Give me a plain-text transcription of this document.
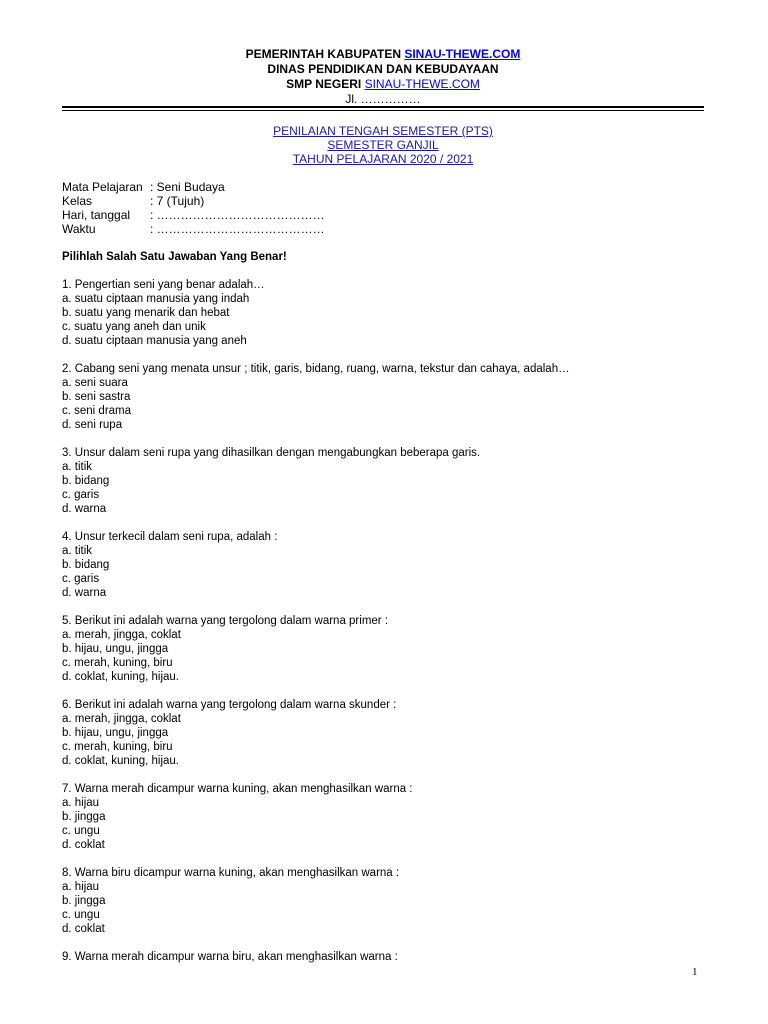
PEMERINTAH KABUPATEN SINAU-THEWE.COM
DINAS PENDIDIKAN DAN KEBUDAYAAN
SMP NEGERI SINAU-THEWE.COM
Jl. ……………
PENILAIAN TENGAH SEMESTER (PTS)
SEMESTER GANJIL
TAHUN PELAJARAN 2020 / 2021
Mata Pelajaran : Seni Budaya
Kelas	: 7 (Tujuh)
Hari, tanggal	: ……………………………………
Waktu	: ……………………………………
Pilihlah Salah Satu Jawaban Yang Benar!
1. Pengertian seni yang benar adalah…
a. suatu ciptaan manusia yang indah
b. suatu yang menarik dan hebat
c. suatu yang aneh dan unik
d. suatu ciptaan manusia yang aneh
2. Cabang seni yang menata unsur ; titik, garis, bidang, ruang, warna, tekstur dan cahaya, adalah…
a. seni suara
b. seni sastra
c. seni drama
d. seni rupa
3. Unsur dalam seni rupa yang dihasilkan dengan mengabungkan beberapa garis.
a. titik
b. bidang
c. garis
d. warna
4. Unsur terkecil dalam seni rupa, adalah :
a. titik
b. bidang
c. garis
d. warna
5. Berikut ini adalah warna yang tergolong dalam warna primer :
a. merah, jingga, coklat
b. hijau, ungu, jingga
c. merah, kuning, biru
d. coklat, kuning, hijau.
6. Berikut ini adalah warna yang tergolong dalam warna skunder :
a. merah, jingga, coklat
b. hijau, ungu, jingga
c. merah, kuning, biru
d. coklat, kuning, hijau.
7. Warna merah dicampur warna kuning, akan menghasilkan warna :
a. hijau
b. jingga
c. ungu
d. coklat
8. Warna biru dicampur warna kuning, akan menghasilkan warna :
a. hijau
b. jingga
c. ungu
d. coklat
9. Warna merah dicampur warna biru, akan menghasilkan warna :
1
